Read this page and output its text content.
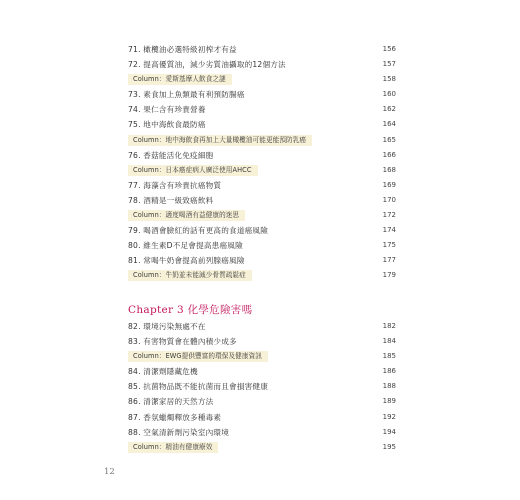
71. 橄欖油必選特級初榨才有益	156
72. 提高優質油，減少劣質油攝取的12個方法	157
Column：愛斯基摩人飲食之謎	158
73. 素食加上魚類最有利預防腸癌	160
74. 果仁含有珍貴營養	162
75. 地中海飲食最防癌	164
Column：地中海飲食再加上大量橄欖油可能更能預防乳癌	165
76. 香菇能活化免疫細胞	166
Column：日本癌症病人廣泛使用AHCC	168
77. 海藻含有珍貴抗癌物質	169
78. 酒精是一級致癌飲料	170
Column：適度喝酒有益健康的迷思	172
79. 喝酒會臉紅的話有更高的食道癌風險	174
80. 維生素D不足會提高患癌風險	175
81. 常喝牛奶會提高前列腺癌風險	177
Column：牛奶並未能減少骨質疏鬆症	179
Chapter 3 化學危險害嗎
82. 環境污染無處不在	182
83. 有害物質會在體內積少成多	184
Column：EWG提供豐富的環保及健康資訊	185
84. 清潔劑隱藏危機	186
85. 抗菌物品既不能抗菌而且會損害健康	188
86. 清潔家居的天然方法	189
87. 香氛蠟燭釋放多種毒素	192
88. 空氣清新劑污染室內環境	194
Column：精油有健康療效	195
12
